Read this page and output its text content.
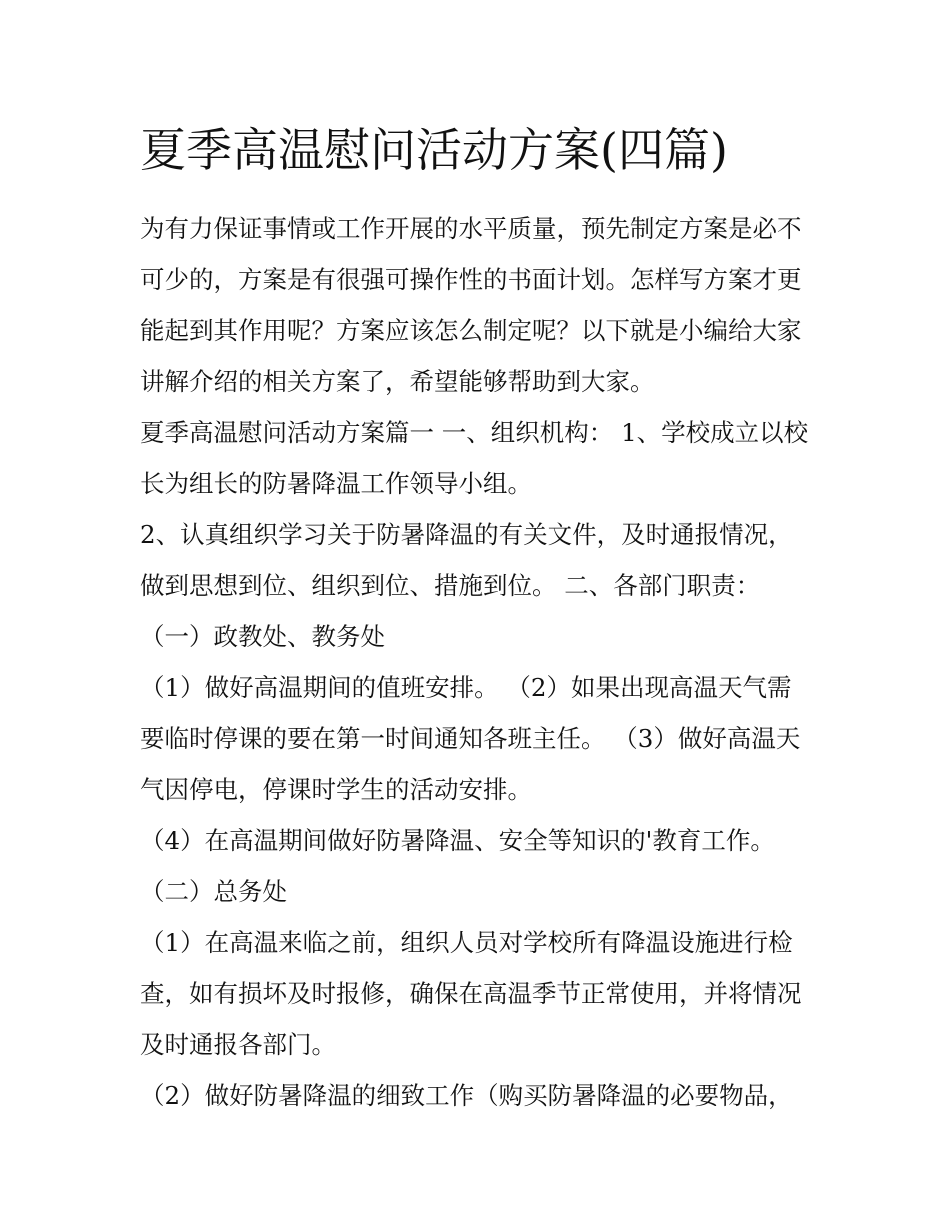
夏季高温慰问活动方案(四篇)
为有力保证事情或工作开展的水平质量，预先制定方案是必不
可少的，方案是有很强可操作性的书面计划。怎样写方案才更
能起到其作用呢？方案应该怎么制定呢？以下就是小编给大家
讲解介绍的相关方案了，希望能够帮助到大家。
夏季高温慰问活动方案篇一 一、组织机构： 1、学校成立以校
长为组长的防暑降温工作领导小组。
2、认真组织学习关于防暑降温的有关文件，及时通报情况，
做到思想到位、组织到位、措施到位。 二、各部门职责：
（一）政教处、教务处
（1）做好高温期间的值班安排。 （2）如果出现高温天气需
要临时停课的要在第一时间通知各班主任。 （3）做好高温天
气因停电，停课时学生的活动安排。
（4）在高温期间做好防暑降温、安全等知识的'教育工作。
（二）总务处
（1）在高温来临之前，组织人员对学校所有降温设施进行检
查，如有损坏及时报修，确保在高温季节正常使用，并将情况
及时通报各部门。
（2）做好防暑降温的细致工作（购买防暑降温的必要物品，
